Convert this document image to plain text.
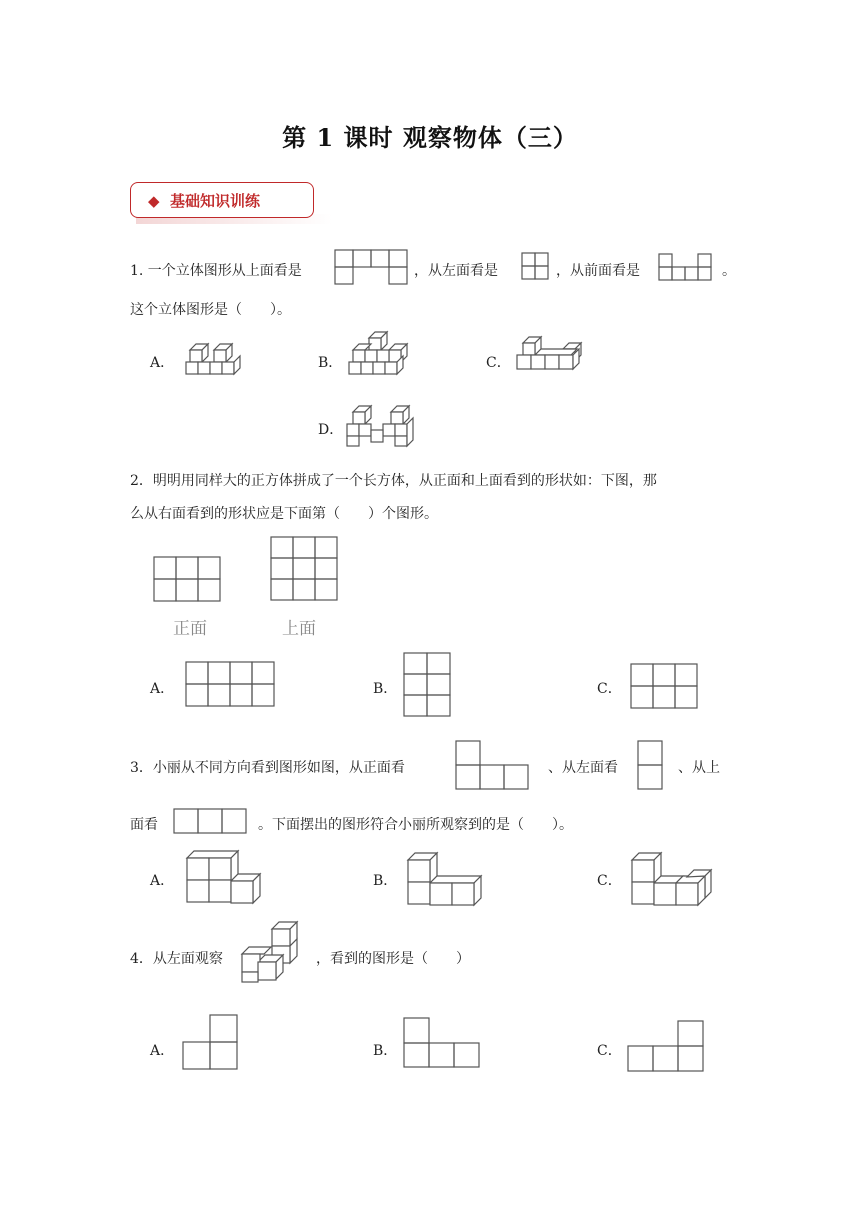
第 1 课时 观察物体（三）
◆ 基础知识训练
1. 一个立体图形从上面看是	，从左面看是	，从前面看是	。
这个立体图形是（　　）。
A．	B．	C．
D．
2．明明用同样大的正方体拼成了一个长方体，从正面和上面看到的形状如：下图，那
么从右面看到的形状应是下面第（　　）个图形。
正面	上面
A．	B．	C．
3．小丽从不同方向看到图形如图，从正面看	、从左面看	、从上
面看	。下面摆出的图形符合小丽所观察到的是（　　）。
A．	B．	C．
4．从左面观察	，看到的图形是（　　）
A．	B．	C．
